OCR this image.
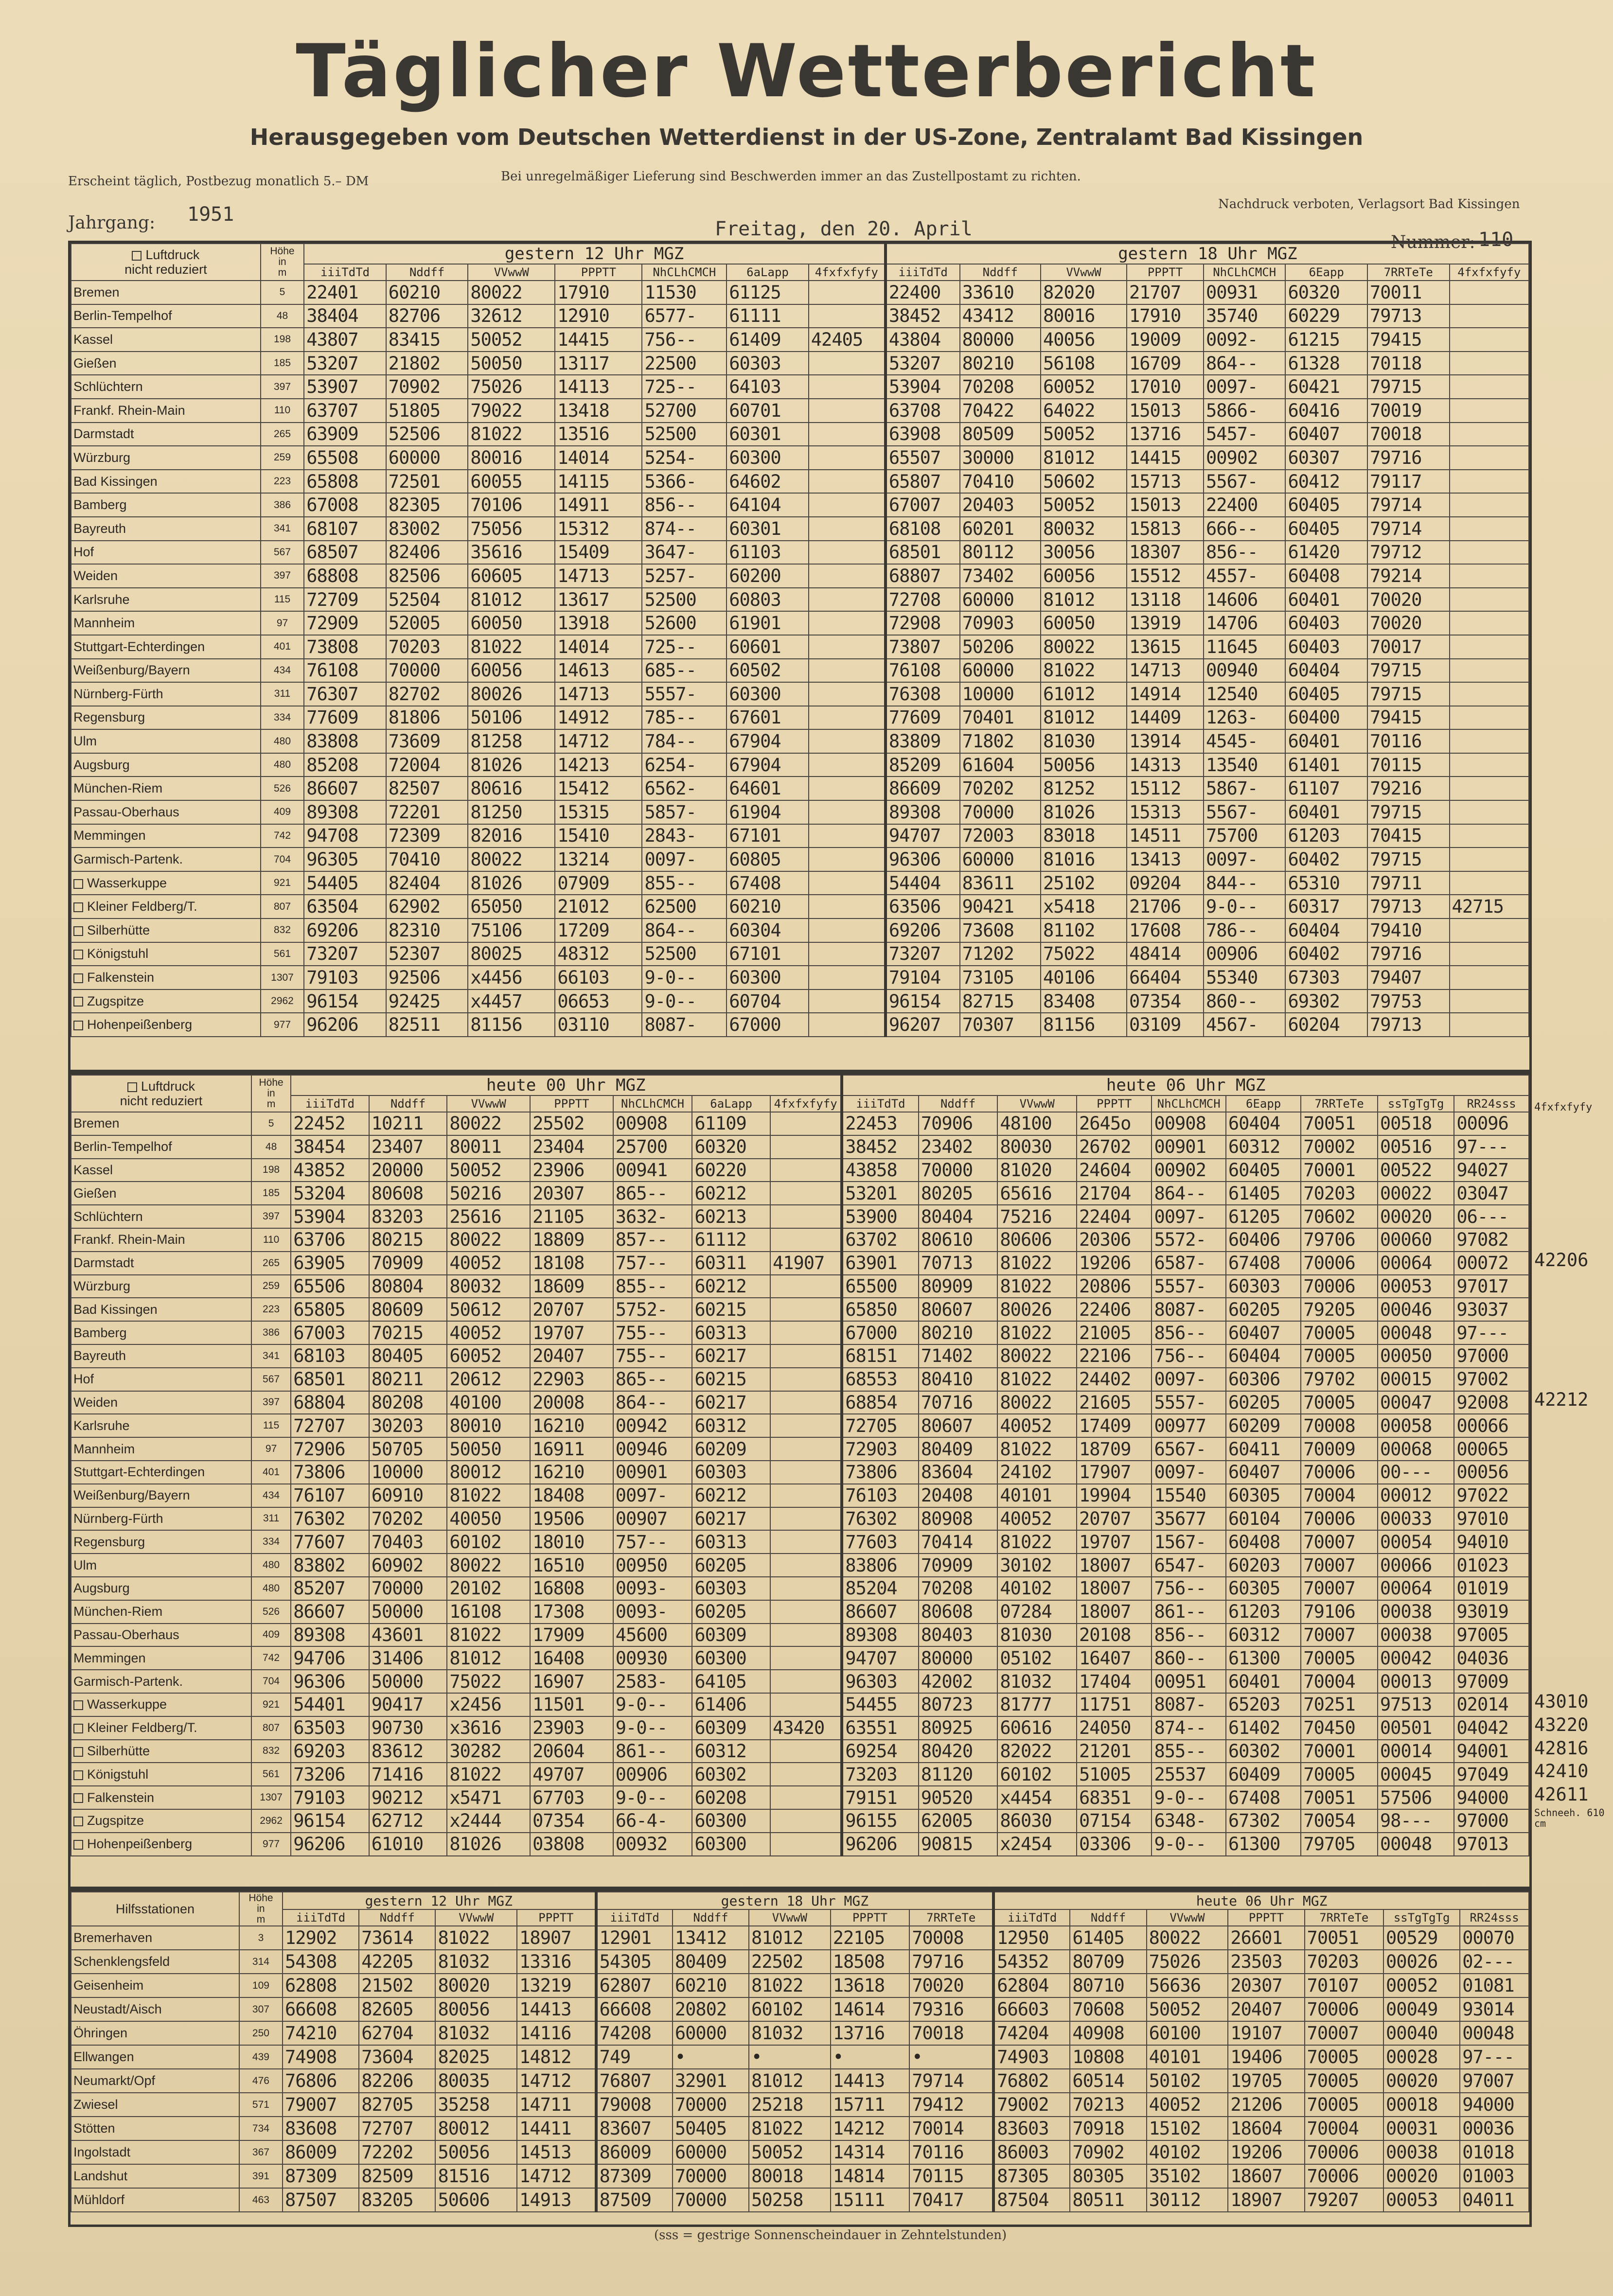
Täglicher Wetterbericht
Herausgegeben vom Deutschen Wetterdienst in der US-Zone, Zentralamt Bad Kissingen
Erscheint täglich, Postbezug monatlich 5.– DM	Bei unregelmäßiger Lieferung sind Beschwerden immer an das Zustellpostamt zu richten.
Nachdruck verboten, Verlagsort Bad Kissingen
Jahrgang: 1951
Freitag, den 20. April
Nummer: 110
Luftdruck
nicht reduziert	Höhe
in
m	gestern 12 Uhr MGZ							gestern 18 Uhr MGZ							
		iiiTdTd	Nddff	VVwwW	PPPTT	NhCLhCMCH	6aLapp	4fxfxfyfy	iiiTdTd	Nddff	VVwwW	PPPTT	NhCLhCMCH	6Eapp	7RRTeTe	4fxfxfyfy
Bremen	5	22401	60210	80022	17910	11530	61125		22400	33610	82020	21707	00931	60320	70011	
Berlin-Tempelhof	48	38404	82706	32612	12910	6577-	61111		38452	43412	80016	17910	35740	60229	79713	
Kassel	198	43807	83415	50052	14415	756--	61409	42405	43804	80000	40056	19009	0092-	61215	79415	
Gießen	185	53207	21802	50050	13117	22500	60303		53207	80210	56108	16709	864--	61328	70118	
Schlüchtern	397	53907	70902	75026	14113	725--	64103		53904	70208	60052	17010	0097-	60421	79715	
Frankf. Rhein-Main	110	63707	51805	79022	13418	52700	60701		63708	70422	64022	15013	5866-	60416	70019	
Darmstadt	265	63909	52506	81022	13516	52500	60301		63908	80509	50052	13716	5457-	60407	70018	
Würzburg	259	65508	60000	80016	14014	5254-	60300		65507	30000	81012	14415	00902	60307	79716	
Bad Kissingen	223	65808	72501	60055	14115	5366-	64602		65807	70410	50602	15713	5567-	60412	79117	
Bamberg	386	67008	82305	70106	14911	856--	64104		67007	20403	50052	15013	22400	60405	79714	
Bayreuth	341	68107	83002	75056	15312	874--	60301		68108	60201	80032	15813	666--	60405	79714	
Hof	567	68507	82406	35616	15409	3647-	61103		68501	80112	30056	18307	856--	61420	79712	
Weiden	397	68808	82506	60605	14713	5257-	60200		68807	73402	60056	15512	4557-	60408	79214	
Karlsruhe	115	72709	52504	81012	13617	52500	60803		72708	60000	81012	13118	14606	60401	70020	
Mannheim	97	72909	52005	60050	13918	52600	61901		72908	70903	60050	13919	14706	60403	70020	
Stuttgart-Echterdingen	401	73808	70203	81022	14014	725--	60601		73807	50206	80022	13615	11645	60403	70017	
Weißenburg/Bayern	434	76108	70000	60056	14613	685--	60502		76108	60000	81022	14713	00940	60404	79715	
Nürnberg-Fürth	311	76307	82702	80026	14713	5557-	60300		76308	10000	61012	14914	12540	60405	79715	
Regensburg	334	77609	81806	50106	14912	785--	67601		77609	70401	81012	14409	1263-	60400	79415	
Ulm	480	83808	73609	81258	14712	784--	67904		83809	71802	81030	13914	4545-	60401	70116	
Augsburg	480	85208	72004	81026	14213	6254-	67904		85209	61604	50056	14313	13540	61401	70115	
München-Riem	526	86607	82507	80616	15412	6562-	64601		86609	70202	81252	15112	5867-	61107	79216	
Passau-Oberhaus	409	89308	72201	81250	15315	5857-	61904		89308	70000	81026	15313	5567-	60401	79715	
Memmingen	742	94708	72309	82016	15410	2843-	67101		94707	72003	83018	14511	75700	61203	70415	
Garmisch-Partenk.	704	96305	70410	80022	13214	0097-	60805		96306	60000	81016	13413	0097-	60402	79715	
Wasserkuppe	921	54405	82404	81026	07909	855--	67408		54404	83611	25102	09204	844--	65310	79711	
Kleiner Feldberg/T.	807	63504	62902	65050	21012	62500	60210		63506	90421	x5418	21706	9-0--	60317	79713	42715
Silberhütte	832	69206	82310	75106	17209	864--	60304		69206	73608	81102	17608	786--	60404	79410	
Königstuhl	561	73207	52307	80025	48312	52500	67101		73207	71202	75022	48414	00906	60402	79716	
Falkenstein	1307	79103	92506	x4456	66103	9-0--	60300		79104	73105	40106	66404	55340	67303	79407	
Zugspitze	2962	96154	92425	x4457	06653	9-0--	60704		96154	82715	83408	07354	860--	69302	79753	
Hohenpeißenberg	977	96206	82511	81156	03110	8087-	67000		96207	70307	81156	03109	4567-	60204	79713	
Luftdruck
nicht reduziert	Höhe
in
m	heute 00 Uhr MGZ							heute 06 Uhr MGZ								
		iiiTdTd	Nddff	VVwwW	PPPTT	NhCLhCMCH	6aLapp	4fxfxfyfy	iiiTdTd	Nddff	VVwwW	PPPTT	NhCLhCMCH	6Eapp	7RRTeTe	ssTgTgTg	RR24sss
Bremen	5	22452	10211	80022	25502	00908	61109		22453	70906	48100	2645o	00908	60404	70051	00518	00096
Berlin-Tempelhof	48	38454	23407	80011	23404	25700	60320		38452	23402	80030	26702	00901	60312	70002	00516	97---
Kassel	198	43852	20000	50052	23906	00941	60220		43858	70000	81020	24604	00902	60405	70001	00522	94027
Gießen	185	53204	80608	50216	20307	865--	60212		53201	80205	65616	21704	864--	61405	70203	00022	03047
Schlüchtern	397	53904	83203	25616	21105	3632-	60213		53900	80404	75216	22404	0097-	61205	70602	00020	06---
Frankf. Rhein-Main	110	63706	80215	80022	18809	857--	61112		63702	80610	80606	20306	5572-	60406	79706	00060	97082
Darmstadt	265	63905	70909	40052	18108	757--	60311	41907	63901	70713	81022	19206	6587-	67408	70006	00064	00072
Würzburg	259	65506	80804	80032	18609	855--	60212		65500	80909	81022	20806	5557-	60303	70006	00053	97017
Bad Kissingen	223	65805	80609	50612	20707	5752-	60215		65850	80607	80026	22406	8087-	60205	79205	00046	93037
Bamberg	386	67003	70215	40052	19707	755--	60313		67000	80210	81022	21005	856--	60407	70005	00048	97---
Bayreuth	341	68103	80405	60052	20407	755--	60217		68151	71402	80022	22106	756--	60404	70005	00050	97000
Hof	567	68501	80211	20612	22903	865--	60215		68553	80410	81022	24402	0097-	60306	79702	00015	97002
Weiden	397	68804	80208	40100	20008	864--	60217		68854	70716	80022	21605	5557-	60205	70005	00047	92008
Karlsruhe	115	72707	30203	80010	16210	00942	60312		72705	80607	40052	17409	00977	60209	70008	00058	00066
Mannheim	97	72906	50705	50050	16911	00946	60209		72903	80409	81022	18709	6567-	60411	70009	00068	00065
Stuttgart-Echterdingen	401	73806	10000	80012	16210	00901	60303		73806	83604	24102	17907	0097-	60407	70006	00---	00056
Weißenburg/Bayern	434	76107	60910	81022	18408	0097-	60212		76103	20408	40101	19904	15540	60305	70004	00012	97022
Nürnberg-Fürth	311	76302	70202	40050	19506	00907	60217		76302	80908	40052	20707	35677	60104	70006	00033	97010
Regensburg	334	77607	70403	60102	18010	757--	60313		77603	70414	81022	19707	1567-	60408	70007	00054	94010
Ulm	480	83802	60902	80022	16510	00950	60205		83806	70909	30102	18007	6547-	60203	70007	00066	01023
Augsburg	480	85207	70000	20102	16808	0093-	60303		85204	70208	40102	18007	756--	60305	70007	00064	01019
München-Riem	526	86607	50000	16108	17308	0093-	60205		86607	80608	07284	18007	861--	61203	79106	00038	93019
Passau-Oberhaus	409	89308	43601	81022	17909	45600	60309		89308	80403	81030	20108	856--	60312	70007	00038	97005
Memmingen	742	94706	31406	81012	16408	00930	60300		94707	80000	05102	16407	860--	61300	70005	00042	04036
Garmisch-Partenk.	704	96306	50000	75022	16907	2583-	64105		96303	42002	81032	17404	00951	60401	70004	00013	97009
Wasserkuppe	921	54401	90417	x2456	11501	9-0--	61406		54455	80723	81777	11751	8087-	65203	70251	97513	02014
Kleiner Feldberg/T.	807	63503	90730	x3616	23903	9-0--	60309	43420	63551	80925	60616	24050	874--	61402	70450	00501	04042
Silberhütte	832	69203	83612	30282	20604	861--	60312		69254	80420	82022	21201	855--	60302	70001	00014	94001
Königstuhl	561	73206	71416	81022	49707	00906	60302		73203	81120	60102	51005	25537	60409	70005	00045	97049
Falkenstein	1307	79103	90212	x5471	67703	9-0--	60208		79151	90520	x4454	68351	9-0--	67408	70051	57506	94000
Zugspitze	2962	96154	62712	x2444	07354	66-4-	60300		96155	62005	86030	07154	6348-	67302	70054	98---	97000
Hohenpeißenberg	977	96206	61010	81026	03808	00932	60300		96206	90815	x2454	03306	9-0--	61300	79705	00048	97013
4fxfxfyfy
42206
42212
43010
43220
42816
42410
42611
Schneeh. 610 cm
Hilfsstationen	Höhe
in
m	gestern 12 Uhr MGZ				gestern 18 Uhr MGZ					heute 06 Uhr MGZ						
		iiiTdTd	Nddff	VVwwW	PPPTT	iiiTdTd	Nddff	VVwwW	PPPTT	7RRTeTe	iiiTdTd	Nddff	VVwwW	PPPTT	7RRTeTe	ssTgTgTg	RR24sss
Bremerhaven	3	12902	73614	81022	18907	12901	13412	81012	22105	70008	12950	61405	80022	26601	70051	00529	00070
Schenklengsfeld	314	54308	42205	81032	13316	54305	80409	22502	18508	79716	54352	80709	75026	23503	70203	00026	02---
Geisenheim	109	62808	21502	80020	13219	62807	60210	81022	13618	70020	62804	80710	56636	20307	70107	00052	01081
Neustadt/Aisch	307	66608	82605	80056	14413	66608	20802	60102	14614	79316	66603	70608	50052	20407	70006	00049	93014
Öhringen	250	74210	62704	81032	14116	74208	60000	81032	13716	70018	74204	40908	60100	19107	70007	00040	00048
Ellwangen	439	74908	73604	82025	14812	749	•	•	•	•	74903	10808	40101	19406	70005	00028	97---
Neumarkt/Opf	476	76806	82206	80035	14712	76807	32901	81012	14413	79714	76802	60514	50102	19705	70005	00020	97007
Zwiesel	571	79007	82705	35258	14711	79008	70000	25218	15711	79412	79002	70213	40052	21206	70005	00018	94000
Stötten	734	83608	72707	80012	14411	83607	50405	81022	14212	70014	83603	70918	15102	18604	70004	00031	00036
Ingolstadt	367	86009	72202	50056	14513	86009	60000	50052	14314	70116	86003	70902	40102	19206	70006	00038	01018
Landshut	391	87309	82509	81516	14712	87309	70000	80018	14814	70115	87305	80305	35102	18607	70006	00020	01003
Mühldorf	463	87507	83205	50606	14913	87509	70000	50258	15111	70417	87504	80511	30112	18907	79207	00053	04011
(sss = gestrige Sonnenscheindauer in Zehntelstunden)
